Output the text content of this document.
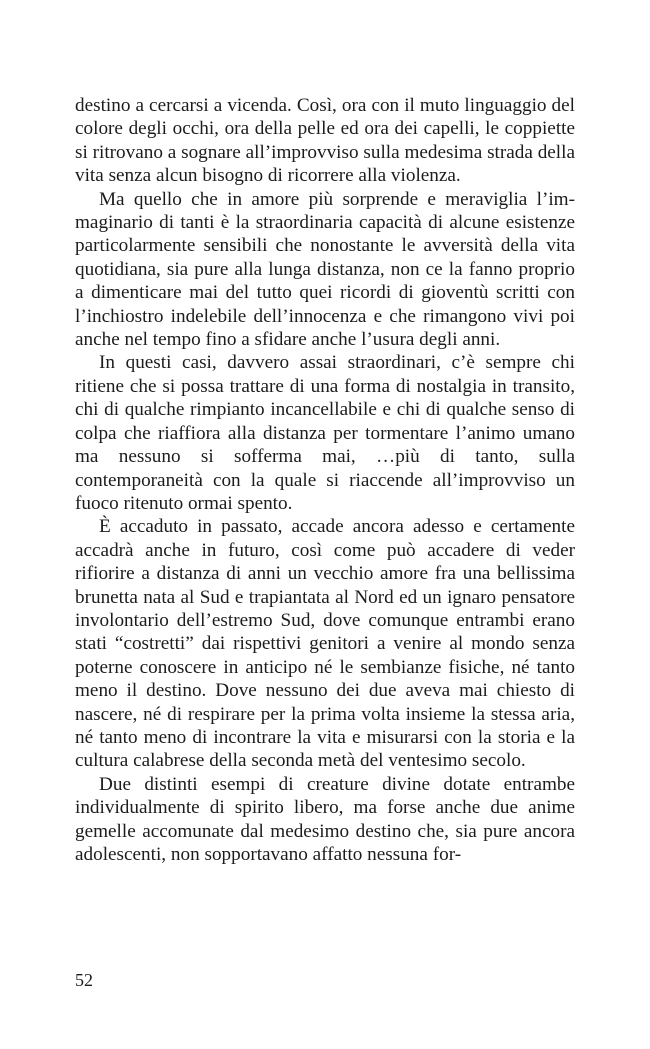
destino a cercarsi a vicenda. Così, ora con il muto linguaggio del colore degli occhi, ora della pelle ed ora dei capelli, le coppiette si ritrovano a sognare all’improvviso sulla medesima strada della vita senza alcun bisogno di ricorrere alla violenza.

Ma quello che in amore più sorprende e meraviglia l’immaginario di tanti è la straordinaria capacità di alcune esistenze particolarmente sensibili che nonostante le avversità della vita quotidiana, sia pure alla lunga distanza, non ce la fanno proprio a dimenticare mai del tutto quei ricordi di gioventù scritti con l’inchiostro indelebile dell’innocenza e che rimangono vivi poi anche nel tempo fino a sfidare anche l’usura degli anni.

In questi casi, davvero assai straordinari, c’è sempre chi ritiene che si possa trattare di una forma di nostalgia in transito, chi di qualche rimpianto incancellabile e chi di qualche senso di colpa che riaffiora alla distanza per tormentare l’animo umano ma nessuno si sofferma mai, …più di tanto, sulla contemporaneità con la quale si riaccende all’improvviso un fuoco ritenuto ormai spento.

È accaduto in passato, accade ancora adesso e certamente accadrà anche in futuro, così come può accadere di veder rifiorire a distanza di anni un vecchio amore fra una bellissima brunetta nata al Sud e trapiantata al Nord ed un ignaro pensatore involontario dell’estremo Sud, dove comunque entrambi erano stati “costretti” dai rispettivi genitori a venire al mondo senza poterne conoscere in anticipo né le sembianze fisiche, né tanto meno il destino. Dove nessuno dei due aveva mai chiesto di nascere, né di respirare per la prima volta insieme la stessa aria, né tanto meno di incontrare la vita e misurarsi con la storia e la cultura calabrese della seconda metà del ventesimo secolo.

Due distinti esempi di creature divine dotate entrambe individualmente di spirito libero, ma forse anche due anime gemelle accomunate dal medesimo destino che, sia pure ancora adolescenti, non sopportavano affatto nessuna for-

52
